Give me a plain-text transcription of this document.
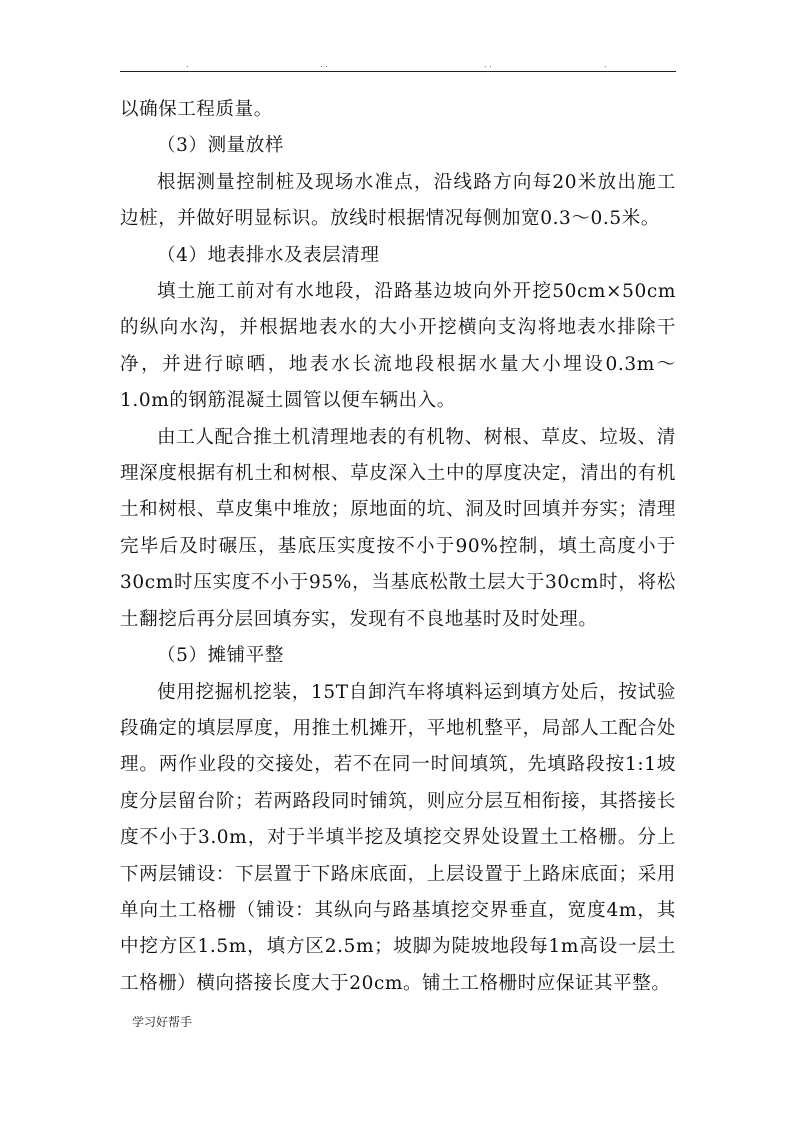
.	. .	. .	.

以确保工程质量。

（3）测量放样

根据测量控制桩及现场水准点，沿线路方向每20米放出施工边桩，并做好明显标识。放线时根据情况每侧加宽0.3～0.5米。

（4）地表排水及表层清理

填土施工前对有水地段，沿路基边坡向外开挖50cm×50cm的纵向水沟，并根据地表水的大小开挖横向支沟将地表水排除干净，并进行晾晒，地表水长流地段根据水量大小埋设0.3m～1.0m的钢筋混凝土圆管以便车辆出入。

由工人配合推土机清理地表的有机物、树根、草皮、垃圾、清理深度根据有机土和树根、草皮深入土中的厚度决定，清出的有机土和树根、草皮集中堆放；原地面的坑、洞及时回填并夯实；清理完毕后及时碾压，基底压实度按不小于90%控制，填土高度小于30cm时压实度不小于95%，当基底松散土层大于30cm时，将松土翻挖后再分层回填夯实，发现有不良地基时及时处理。

（5）摊铺平整

使用挖掘机挖装，15T自卸汽车将填料运到填方处后，按试验段确定的填层厚度，用推土机摊开，平地机整平，局部人工配合处理。两作业段的交接处，若不在同一时间填筑，先填路段按1:1坡度分层留台阶；若两路段同时铺筑，则应分层互相衔接，其搭接长度不小于3.0m，对于半填半挖及填挖交界处设置土工格栅。分上下两层铺设：下层置于下路床底面，上层设置于上路床底面；采用单向土工格栅（铺设：其纵向与路基填挖交界垂直，宽度4m，其中挖方区1.5m，填方区2.5m；坡脚为陡坡地段每1m高设一层土工格栅）横向搭接长度大于20cm。铺土工格栅时应保证其平整。

学习好帮手
